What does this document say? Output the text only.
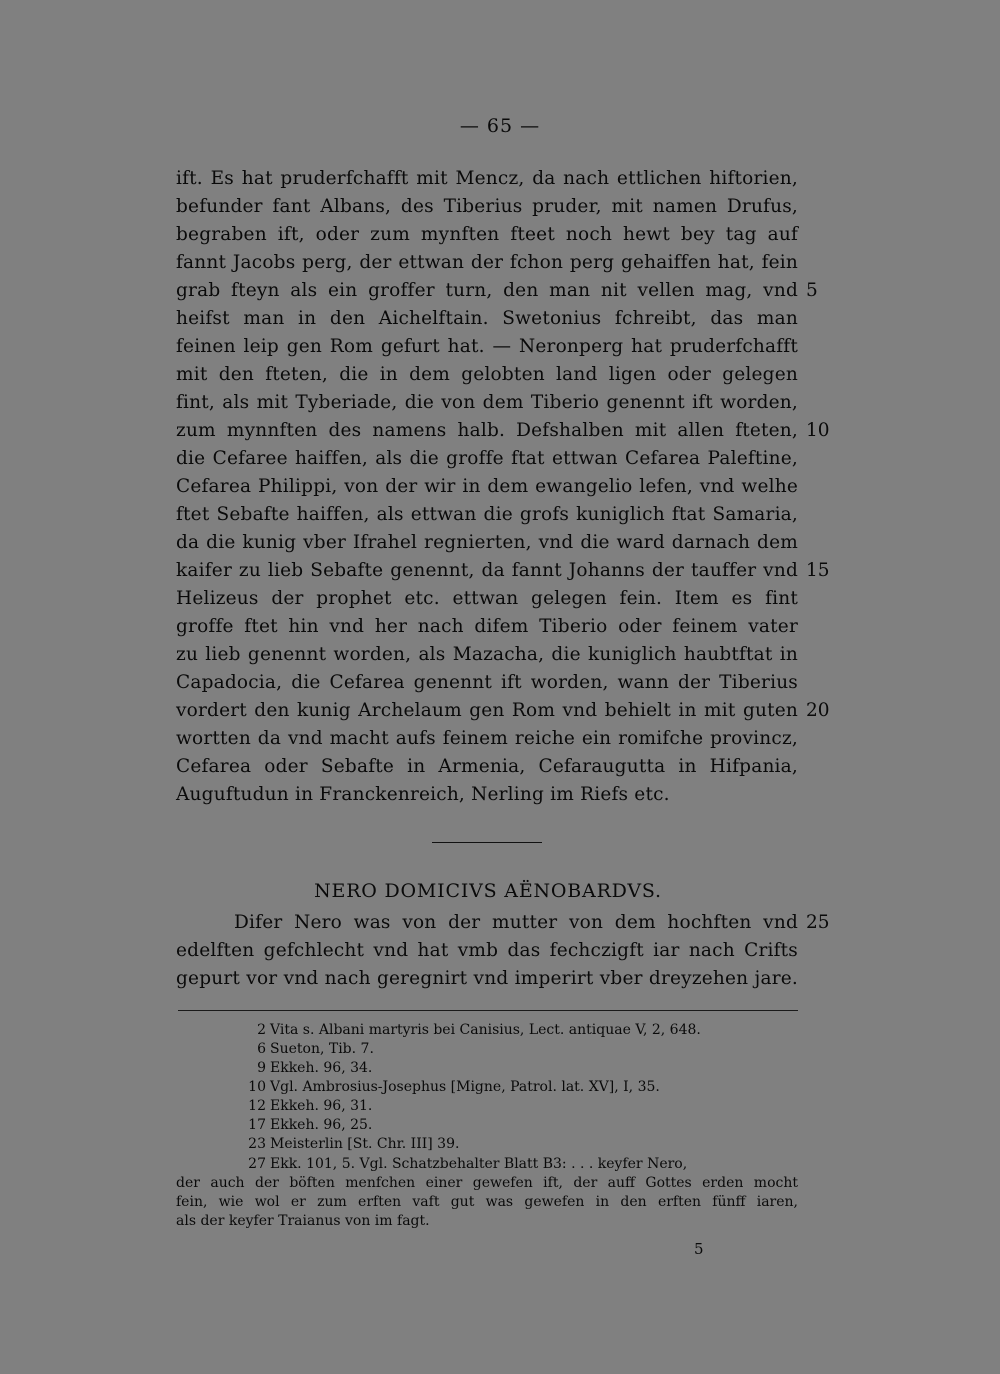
— 65 —
ift. Es hat pruderfchafft mit Mencz, da nach ettlichen hiftorien,
befunder fant Albans, des Tiberius pruder, mit namen Drufus,
begraben ift, oder zum mynften fteet noch hewt bey tag auf
fannt Jacobs perg, der ettwan der fchon perg gehaiffen hat, fein
grab fteyn als ein groffer turn, den man nit vellen mag, vnd
heifst man in den Aichelftain. Swetonius fchreibt, das man
feinen leip gen Rom gefurt hat. — Neronperg hat pruderfchafft
mit den fteten, die in dem gelobten land ligen oder gelegen
fint, als mit Tyberiade, die von dem Tiberio genennt ift worden,
zum mynnften des namens halb. Defshalben mit allen fteten,
die Cefaree haiffen, als die groffe ftat ettwan Cefarea Paleftine,
Cefarea Philippi, von der wir in dem ewangelio lefen, vnd welhe
ftet Sebafte haiffen, als ettwan die grofs kuniglich ftat Samaria,
da die kunig vber Ifrahel regnierten, vnd die ward darnach dem
kaifer zu lieb Sebafte genennt, da fannt Johanns der tauffer vnd
Helizeus der prophet etc. ettwan gelegen fein. Item es fint
groffe ftet hin vnd her nach difem Tiberio oder feinem vater
zu lieb genennt worden, als Mazacha, die kuniglich haubtftat in
Capadocia, die Cefarea genennt ift worden, wann der Tiberius
vordert den kunig Archelaum gen Rom vnd behielt in mit guten
wortten da vnd macht aufs feinem reiche ein romifche provincz,
Cefarea oder Sebafte in Armenia, Cefaraugutta in Hifpania,
Auguftudun in Franckenreich, Nerling im Riefs etc.
5
10
15
20
25
NERO DOMICIVS AËNOBARDVS.
Difer Nero was von der mutter von dem hochften vnd
edelften gefchlecht vnd hat vmb das fechczigft iar nach Crifts
gepurt vor vnd nach geregnirt vnd imperirt vber dreyzehen jare.
2 Vita s. Albani martyris bei Canisius, Lect. antiquae V, 2, 648.
6 Sueton, Tib. 7.
9 Ekkeh. 96, 34.
10 Vgl. Ambrosius-Josephus [Migne, Patrol. lat. XV], I, 35.
12 Ekkeh. 96, 31.
17 Ekkeh. 96, 25.
23 Meisterlin [St. Chr. III] 39.
27 Ekk. 101, 5. Vgl. Schatzbehalter Blatt B3: . . . keyfer Nero,
der auch der böften menfchen einer gewefen ift, der auff Gottes erden mocht
fein, wie wol er zum erften vaft gut was gewefen in den erften fünff iaren,
als der keyfer Traianus von im fagt.
5
